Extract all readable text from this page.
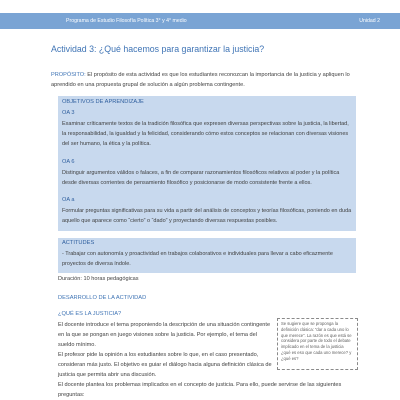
Programa de Estudio Filosofía Política 3° y 4° medio	Unidad 2
Actividad 3: ¿Qué hacemos para garantizar la justicia?
PROPÓSITO: El propósito de esta actividad es que los estudiantes reconozcan la importancia de la justicia y apliquen lo aprendido en una propuesta grupal de solución a algún problema contingente.
OBJETIVOS DE APRENDIZAJE
OA 3
Examinar críticamente textos de la tradición filosófica que expresen diversas perspectivas sobre la justicia, la libertad, la responsabilidad, la igualdad y la felicidad, considerando cómo estos conceptos se relacionan con diversas visiones del ser humano, la ética y la política.
OA 6
Distinguir argumentos válidos o falaces, a fin de comparar razonamientos filosóficos relativos al poder y la política desde diversas corrientes de pensamiento filosófico y posicionarse de modo consistente frente a ellos.
OA a
Formular preguntas significativas para su vida a partir del análisis de conceptos y teorías filosóficas, poniendo en duda aquello que aparece como “cierto” o “dado” y proyectando diversas respuestas posibles.
ACTITUDES
- Trabajar con autonomía y proactividad en trabajos colaborativos e individuales para llevar a cabo eficazmente proyectos de diversa índole.
Duración: 10 horas pedagógicas
DESARROLLO DE LA ACTIVIDAD
¿QUÉ ES LA JUSTICIA?

El docente introduce el tema proponiendo la descripción de una situación contingente en la que se pongan en juego visiones sobre la justicia. Por ejemplo, el tema del sueldo mínimo.

El profesor pide la opinión a los estudiantes sobre lo que, en el caso presentado, consideran más justo. El objetivo es guiar el diálogo hacia alguna definición clásica de justicia que permita abrir una discusión.

El docente plantea los problemas implicados en el concepto de justicia. Para ello, puede servirse de las siguientes preguntas:
Se sugiere que se proponga la definición clásica: “dar a cada uno lo que merece”. La razón es que está se considera por parte de todo el debate implicado en el tema de la justicia ¿qué es eso que cada uno merece? y ¿qué es?
